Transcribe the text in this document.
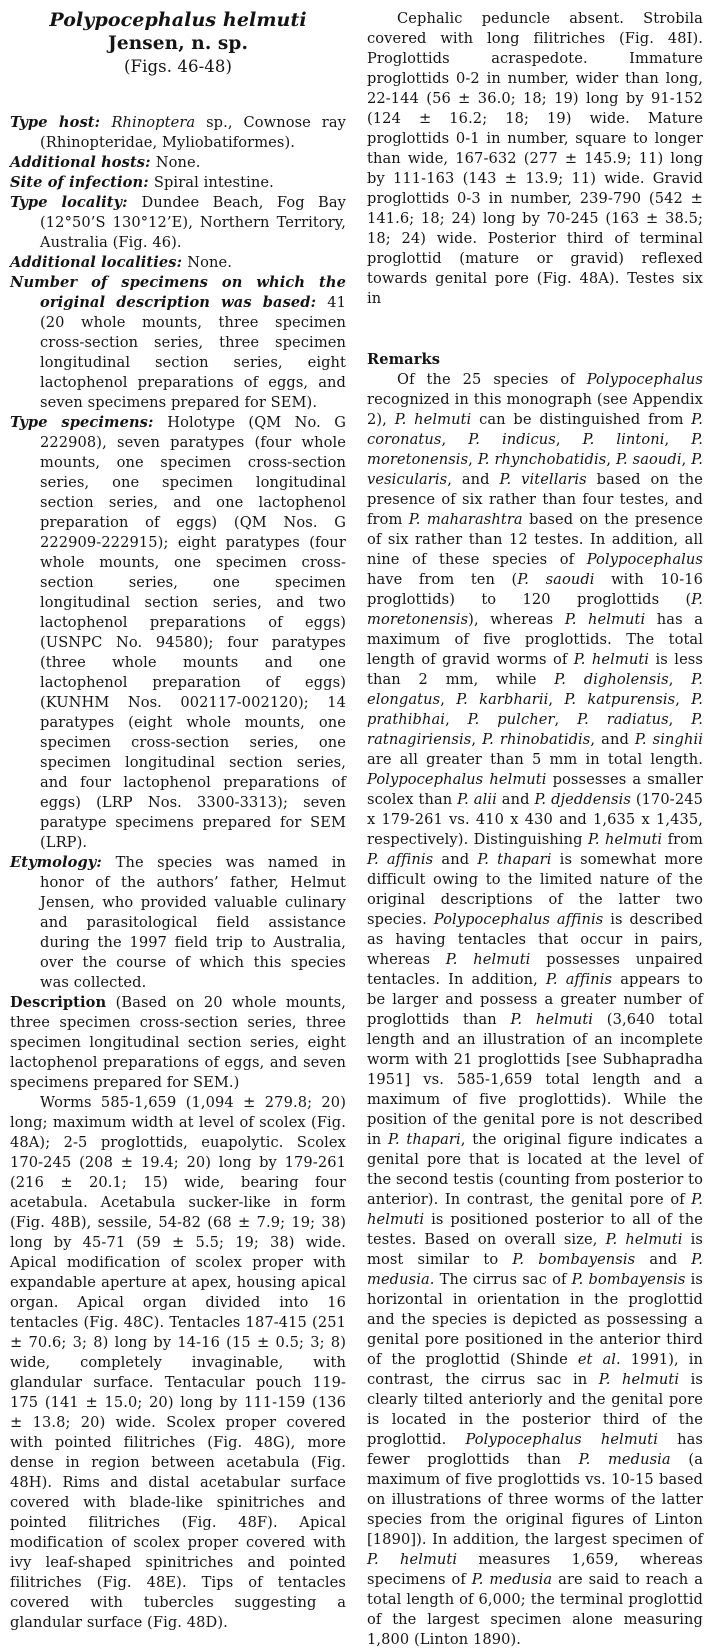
Polypocephalus helmuti
Jensen, n. sp.
(Figs. 46-48)
Type host: Rhinoptera sp., Cownose ray (Rhinopteridae, Myliobatiformes).
Additional hosts: None.
Site of infection: Spiral intestine.
Type locality: Dundee Beach, Fog Bay (12°50’S 130°12’E), Northern Territory, Australia (Fig. 46).
Additional localities: None.
Number of specimens on which the original description was based: 41 (20 whole mounts, three specimen cross-section series, three specimen longitudinal section series, eight lactophenol preparations of eggs, and seven specimens prepared for SEM).
Type specimens: Holotype (QM No. G 222908), seven paratypes (four whole mounts, one specimen cross-section series, one specimen longitudinal section series, and one lactophenol preparation of eggs) (QM Nos. G 222909-222915); eight paratypes (four whole mounts, one specimen cross-section series, one specimen longitudinal section series, and two lactophenol preparations of eggs) (USNPC No. 94580); four paratypes (three whole mounts and one lactophenol preparation of eggs) (KUNHM Nos. 002117-002120); 14 paratypes (eight whole mounts, one specimen cross-section series, one specimen longitudinal section series, and four lactophenol preparations of eggs) (LRP Nos. 3300-3313); seven paratype specimens prepared for SEM (LRP).
Etymology: The species was named in honor of the authors’ father, Helmut Jensen, who provided valuable culinary and parasitological field assistance during the 1997 field trip to Australia, over the course of which this species was collected.

Description (Based on 20 whole mounts, three specimen cross-section series, three specimen longitudinal section series, eight lactophenol preparations of eggs, and seven specimens prepared for SEM.)

Worms 585-1,659 (1,094 ± 279.8; 20) long; maximum width at level of scolex (Fig. 48A); 2-5 proglottids, euapolytic. Scolex 170-245 (208 ± 19.4; 20) long by 179-261 (216 ± 20.1; 15) wide, bearing four acetabula. Acetabula sucker-like in form (Fig. 48B), sessile, 54-82 (68 ± 7.9; 19; 38) long by 45-71 (59 ± 5.5; 19; 38) wide. Apical modification of scolex proper with expandable aperture at apex, housing apical organ. Apical organ divided into 16 tentacles (Fig. 48C). Tentacles 187-415 (251 ± 70.6; 3; 8) long by 14-16 (15 ± 0.5; 3; 8) wide, completely invaginable, with glandular surface. Tentacular pouch 119-175 (141 ± 15.0; 20) long by 111-159 (136 ± 13.8; 20) wide. Scolex proper covered with pointed filitriches (Fig. 48G), more dense in region between acetabula (Fig. 48H). Rims and distal acetabular surface covered with blade-like spinitriches and pointed filitriches (Fig. 48F). Apical modification of scolex proper covered with ivy leaf-shaped spinitriches and pointed filitriches (Fig. 48E). Tips of tentacles covered with tubercles suggesting a glandular surface (Fig. 48D).

Cephalic peduncle absent. Strobila covered with long filitriches (Fig. 48I). Proglottids acraspedote. Immature proglottids 0-2 in number, wider than long, 22-144 (56 ± 36.0; 18; 19) long by 91-152 (124 ± 16.2; 18; 19) wide. Mature proglottids 0-1 in number, square to longer than wide, 167-632 (277 ± 145.9; 11) long by 111-163 (143 ± 13.9; 11) wide. Gravid proglottids 0-3 in number, 239-790 (542 ± 141.6; 18; 24) long by 70-245 (163 ± 38.5; 18; 24) wide. Posterior third of terminal proglottid (mature or gravid) reflexed towards genital pore (Fig. 48A). Testes six in

Remarks

Of the 25 species of Polypocephalus recognized in this monograph (see Appendix 2), P. helmuti can be distinguished from P. coronatus, P. indicus, P. lintoni, P. moretonensis, P. rhynchobatidis, P. saoudi, P. vesicularis, and P. vitellaris based on the presence of six rather than four testes, and from P. maharashtra based on the presence of six rather than 12 testes. In addition, all nine of these species of Polypocephalus have from ten (P. saoudi with 10-16 proglottids) to 120 proglottids (P. moretonensis), whereas P. helmuti has a maximum of five proglottids. The total length of gravid worms of P. helmuti is less than 2 mm, while P. digholensis, P. elongatus, P. karbharii, P. katpurensis, P. prathibhai, P. pulcher, P. radiatus, P. ratnagiriensis, P. rhinobatidis, and P. singhii are all greater than 5 mm in total length. Polypocephalus helmuti possesses a smaller scolex than P. alii and P. djeddensis (170-245 x 179-261 vs. 410 x 430 and 1,635 x 1,435, respectively). Distinguishing P. helmuti from P. affinis and P. thapari is somewhat more difficult owing to the limited nature of the original descriptions of the latter two species. Polypocephalus affinis is described as having tentacles that occur in pairs, whereas P. helmuti possesses unpaired tentacles. In addition, P. affinis appears to be larger and possess a greater number of proglottids than P. helmuti (3,640 total length and an illustration of an incomplete worm with 21 proglottids [see Subhapradha 1951] vs. 585-1,659 total length and a maximum of five proglottids). While the position of the genital pore is not described in P. thapari, the original figure indicates a genital pore that is located at the level of the second testis (counting from posterior to anterior). In contrast, the genital pore of P. helmuti is positioned posterior to all of the testes. Based on overall size, P. helmuti is most similar to P. bombayensis and P. medusia. The cirrus sac of P. bombayensis is horizontal in orientation in the proglottid and the species is depicted as possessing a genital pore positioned in the anterior third of the proglottid (Shinde et al. 1991), in contrast, the cirrus sac in P. helmuti is clearly tilted anteriorly and the genital pore is located in the posterior third of the proglottid. Polypocephalus helmuti has fewer proglottids than P. medusia (a maximum of five proglottids vs. 10-15 based on illustrations of three worms of the latter species from the original figures of Linton [1890]). In addition, the largest specimen of P. helmuti measures 1,659, whereas specimens of P. medusia are said to reach a total length of 6,000; the terminal proglottid of the largest specimen alone measuring 1,800 (Linton 1890).
